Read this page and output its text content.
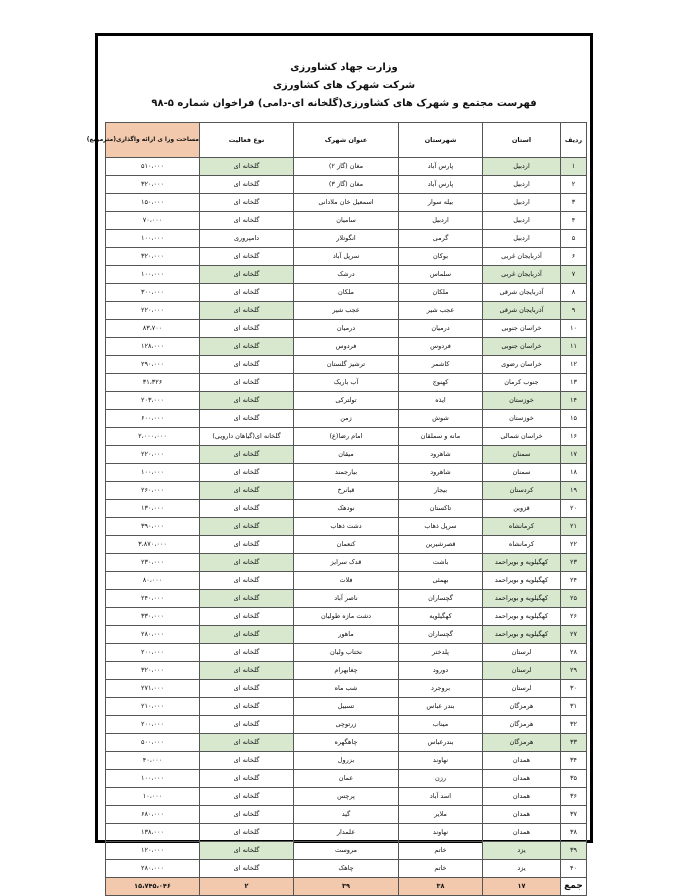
وزارت جهاد کشاورزی
شرکت شهرک های کشاورزی
فهرست مجتمع و شهرک های کشاورزی(گلخانه ای-دامی) فراخوان شماره ۵-۹۸
ردیف	استان	شهرستان	عنوان شهرک	نوع فعالیت	مساحت ورا ی ارائه واگذاری(مترمربع)
۱	اردبیل	پارس آباد	مغان (گاز ۲)	گلخانه ای	۵۱۰،۰۰۰
۲	اردبیل	پارس آباد	مغان (گاز ۳)	گلخانه ای	۳۲۰،۰۰۰
۳	اردبیل	بیله سوار	اسمعیل خان ملادانی	گلخانه ای	۱۵۰،۰۰۰
۴	اردبیل	اردبیل	سامیان	گلخانه ای	۷۰،۰۰۰
۵	اردبیل	گرمی	انگوتلار	دامپروری	۱۰۰،۰۰۰
۶	آذربایجان غربی	بوکان	سرپل آباد	گلخانه ای	۳۲۰،۰۰۰
۷	آذربایجان غربی	سلماس	درشک	گلخانه ای	۱۰۰،۰۰۰
۸	آذربایجان شرقی	ملکان	ملکان	گلخانه ای	۳۰۰،۰۰۰
۹	آذربایجان شرقی	عجب شیر	عجب شیر	گلخانه ای	۲۲۰،۰۰۰
۱۰	خراسان جنوبی	درمیان	درمیان	گلخانه ای	۸۳،۷۰۰
۱۱	خراسان جنوبی	فردوس	فردوس	گلخانه ای	۱۲۸،۰۰۰
۱۲	خراسان رضوی	کاشمر	ترشیز گلستان	گلخانه ای	۲۹۰،۰۰۰
۱۳	جنوب کرمان	کهنوج	آب باریک	گلخانه ای	۳۱،۳۲۶
۱۴	خوزستان	ایذه	تولترکی	گلخانه ای	۲۰۳،۰۰۰
۱۵	خوزستان	شوش	زمن	گلخانه ای	۶۰۰،۰۰۰
۱۶	خراسان شمالی	مانه و سملقان	امام رضا(ع)	گلخانه ای(گیاهان دارویی)	۲،۰۰۰،۰۰۰
۱۷	سمنان	شاهرود	میقان	گلخانه ای	۲۲۰،۰۰۰
۱۸	سمنان	شاهرود	بیارجمند	گلخانه ای	۱۰۰،۰۰۰
۱۹	کردستان	بیجار	قبانرخ	گلخانه ای	۲۶۰،۰۰۰
۲۰	قزوین	تاکستان	نودهک	گلخانه ای	۱۳۰،۰۰۰
۲۱	کرمانشاه	سرپل ذهاب	دشت ذهاب	گلخانه ای	۳۹۰،۰۰۰
۲۲	کرمانشاه	قصرشیرین	کنعمان	گلخانه ای	۳،۸۷۰،۰۰۰
۲۳	کهگیلویه و بویراحمد	باشت	قدک سرایز	گلخانه ای	۲۳۰،۰۰۰
۲۴	کهگیلویه و بویراحمد	بهمئی	فلات	گلخانه ای	۸۰،۰۰۰
۲۵	کهگیلویه و بویراحمد	گچساران	ناصر آباد	گلخانه ای	۲۴۰،۰۰۰
۲۶	کهگیلویه و بویراحمد	کهگیلویه	دشت مازه طولیان	گلخانه ای	۳۳۰،۰۰۰
۲۷	کهگیلویه و بویراحمد	گچساران	ماهور	گلخانه ای	۲۸۰،۰۰۰
۲۸	لرستان	پلدختر	تختاب ولیان	گلخانه ای	۲۰۰،۰۰۰
۲۹	لرستان	دورود	چغابهرام	گلخانه ای	۳۲۰،۰۰۰
۳۰	لرستان	بروجرد	شب ماه	گلخانه ای	۲۷۱،۰۰۰
۳۱	هرمزگان	بندر عباس	تسبیل	گلخانه ای	۲۱۰،۰۰۰
۳۲	هرمزگان	میناب	زرتوچی	گلخانه ای	۲۰۰،۰۰۰
۳۳	هرمزگان	بندرعباس	چاهگهره	گلخانه ای	۵۰۰،۰۰۰
۳۴	همدان	نهاوند	بزرول	گلخانه ای	۴۰،۰۰۰
۳۵	همدان	رزن	عمان	گلخانه ای	۱۰۰،۰۰۰
۳۶	همدان	اسد آباد	پرچس	گلخانه ای	۱۰،۰۰۰
۳۷	همدان	ملایر	گید	گلخانه ای	۶۸۰،۰۰۰
۳۸	همدان	نهاوند	علمدار	گلخانه ای	۱۳۸،۰۰۰
۳۹	یزد	خاتم	مروست	گلخانه ای	۱۲۰،۰۰۰
۴۰	یزد	خاتم	چاهک	گلخانه ای	۲۸۰،۰۰۰
جمع	۱۷	۳۸	۳۹	۲	۱۵،۷۴۵،۰۴۶
